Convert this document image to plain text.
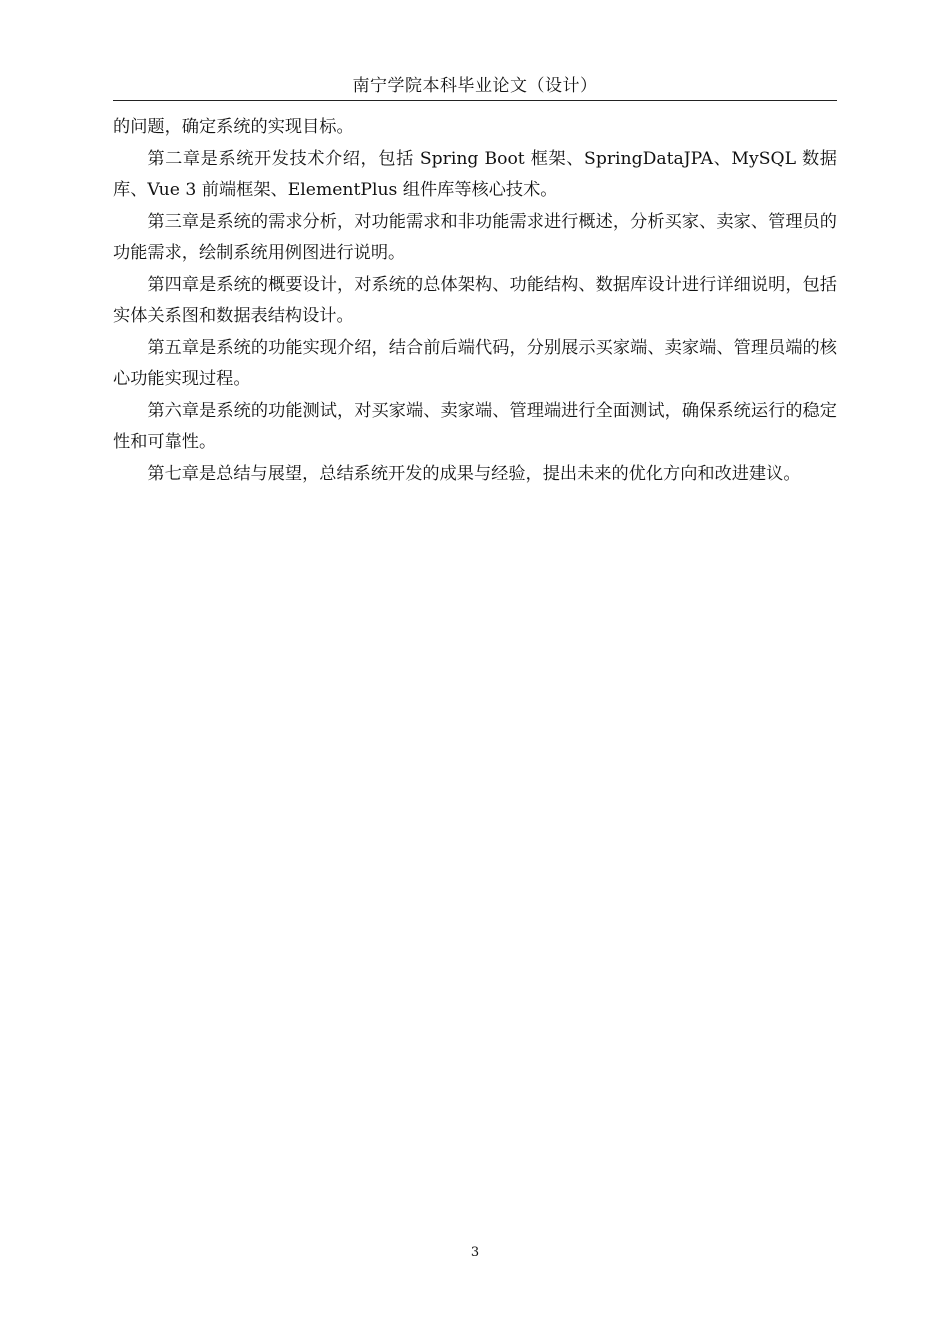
南宁学院本科毕业论文（设计）

的问题，确定系统的实现目标。

第二章是系统开发技术介绍，包括 Spring Boot 框架、SpringDataJPA、MySQL 数据库、Vue 3 前端框架、ElementPlus 组件库等核心技术。

第三章是系统的需求分析，对功能需求和非功能需求进行概述，分析买家、卖家、管理员的功能需求，绘制系统用例图进行说明。

第四章是系统的概要设计，对系统的总体架构、功能结构、数据库设计进行详细说明，包括实体关系图和数据表结构设计。

第五章是系统的功能实现介绍，结合前后端代码，分别展示买家端、卖家端、管理员端的核心功能实现过程。

第六章是系统的功能测试，对买家端、卖家端、管理端进行全面测试，确保系统运行的稳定性和可靠性。

第七章是总结与展望，总结系统开发的成果与经验，提出未来的优化方向和改进建议。

3
